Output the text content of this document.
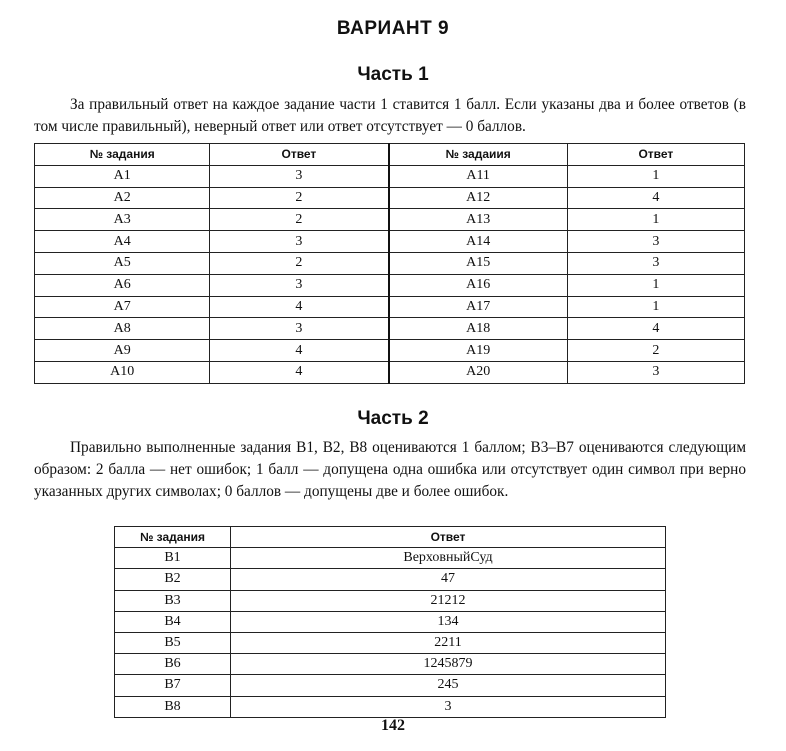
ВАРИАНТ 9
Часть 1
За правильный ответ на каждое задание части 1 ставится 1 балл. Если указаны два и более ответов (в том числе правильный), неверный ответ или ответ отсутствует — 0 баллов.
№ задания	Ответ	№ задаиия	Ответ
A1	3	A11	1
A2	2	A12	4
A3	2	A13	1
A4	3	A14	3
A5	2	A15	3
A6	3	A16	1
A7	4	A17	1
A8	3	A18	4
A9	4	A19	2
A10	4	A20	3
Часть 2
Правильно выполненные задания B1, B2, B8 оцениваются 1 баллом; B3–B7 оцениваются следующим образом: 2 балла — нет ошибок; 1 балл — допущена одна ошибка или отсутствует один символ при верно указанных других символах; 0 баллов — допущены две и более ошибок.
№ задания	Ответ
B1	ВерховныйСуд
B2	47
B3	21212
B4	134
B5	2211
B6	1245879
B7	245
B8	3
142
